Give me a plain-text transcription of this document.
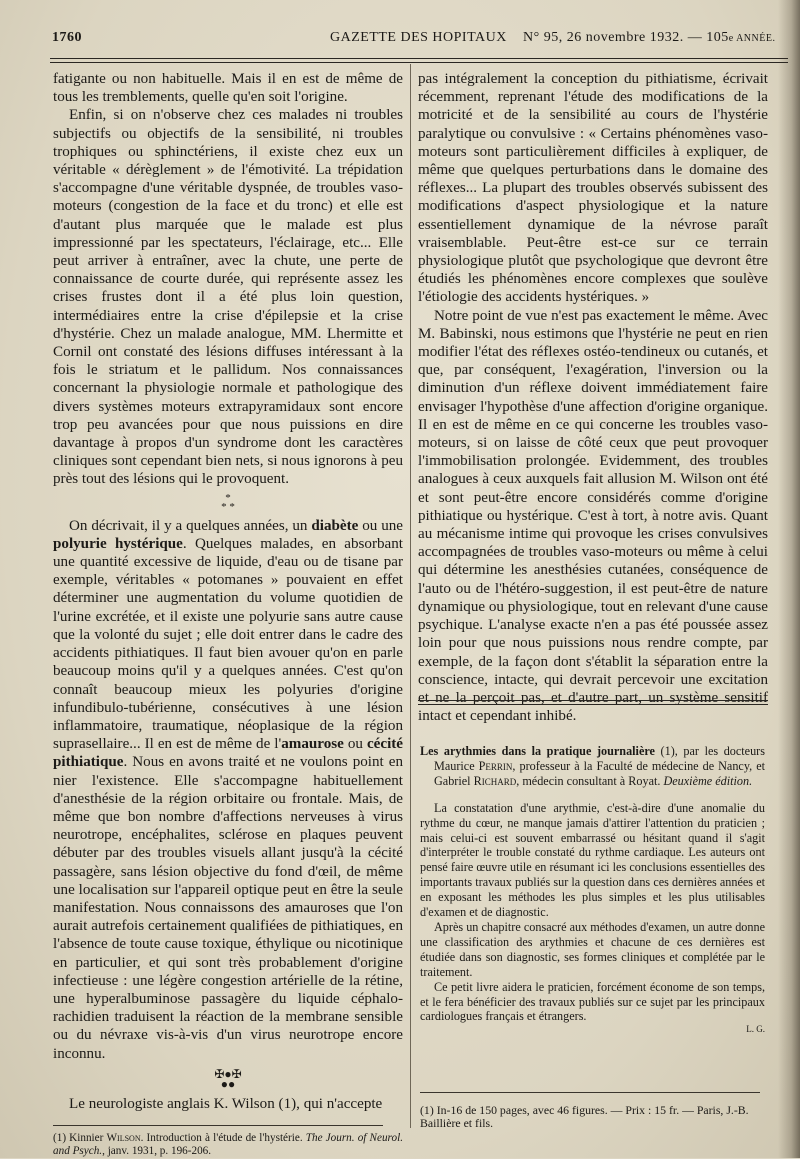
1760	GAZETTE DES HOPITAUX N° 95, 26 novembre 1932. — 105e ANNÉE.

fatigante ou non habituelle. Mais il en est de même de tous les tremblements, quelle qu'en soit l'origine.

Enfin, si on n'observe chez ces malades ni troubles subjectifs ou objectifs de la sensibilité, ni troubles trophiques ou sphinctériens, il existe chez eux un véritable « dérèglement » de l'émotivité. La trépidation s'accompagne d'une véritable dyspnée, de troubles vaso-moteurs (congestion de la face et du tronc) et elle est d'autant plus marquée que le malade est plus impressionné par les spectateurs, l'éclairage, etc... Elle peut arriver à entraîner, avec la chute, une perte de connaissance de courte durée, qui représente assez les crises frustes dont il a été plus loin question, intermédiaires entre la crise d'épilepsie et la crise d'hystérie. Chez un malade analogue, MM. Lhermitte et Cornil ont constaté des lésions diffuses intéressant à la fois le striatum et le pallidum. Nos connaissances concernant la physiologie normale et pathologique des divers systèmes moteurs extrapyramidaux sont encore trop peu avancées pour que nous puissions en dire davantage à propos d'un syndrome dont les caractères cliniques sont cependant bien nets, si nous ignorons à peu près tout des lésions qui le provoquent.

*
* *

On décrivait, il y a quelques années, un diabète ou une polyurie hystérique. Quelques malades, en absorbant une quantité excessive de liquide, d'eau ou de tisane par exemple, véritables « potomanes » pouvaient en effet déterminer une augmentation du volume quotidien de l'urine excrétée, et il existe une polyurie sans autre cause que la volonté du sujet ; elle doit entrer dans le cadre des accidents pithiatiques. Il faut bien avouer qu'on en parle beaucoup moins qu'il y a quelques années. C'est qu'on connaît beaucoup mieux les polyuries d'origine infundibulo-tubérienne, consécutives à une lésion inflammatoire, traumatique, néoplasique de la région suprasellaire... Il en est de même de l'amaurose ou cécité pithiatique. Nous en avons traité et ne voulons point en nier l'existence. Elle s'accompagne habituellement d'anesthésie de la région orbitaire ou frontale. Mais, de même que bon nombre d'affections nerveuses à virus neurotrope, encéphalites, sclérose en plaques peuvent débuter par des troubles visuels allant jusqu'à la cécité passagère, sans lésion objective du fond d'œil, de même une localisation sur l'appareil optique peut en être la seule manifestation. Nous connaissons des amauroses que l'on aurait autrefois certainement qualifiées de pithiatiques, en l'absence de toute cause toxique, éthylique ou nicotinique en particulier, et qui sont très probablement d'origine infectieuse : une légère congestion artérielle de la rétine, une hyperalbuminose passagère du liquide céphalo-rachidien traduisent la réaction de la membrane sensible ou du névraxe vis-à-vis d'un virus neurotrope encore inconnu.

✠●✠
●●

Le neurologiste anglais K. Wilson (1), qui n'accepte

(1) Kinnier Wilson. Introduction à l'étude de l'hystérie. The Journ. of Neurol. and Psych., janv. 1931, p. 196-206.

pas intégralement la conception du pithiatisme, écrivait récemment, reprenant l'étude des modifications de la motricité et de la sensibilité au cours de l'hystérie paralytique ou convulsive : « Certains phénomènes vaso-moteurs sont particulièrement difficiles à expliquer, de même que quelques perturbations dans le domaine des réflexes... La plupart des troubles observés subissent des modifications d'aspect physiologique et la nature essentiellement dynamique de la névrose paraît vraisemblable. Peut-être est-ce sur ce terrain physiologique plutôt que psychologique que devront être étudiés les phénomènes encore complexes que soulève l'étiologie des accidents hystériques. »

Notre point de vue n'est pas exactement le même. Avec M. Babinski, nous estimons que l'hystérie ne peut en rien modifier l'état des réflexes ostéo-tendineux ou cutanés, et que, par conséquent, l'exagération, l'inversion ou la diminution d'un réflexe doivent immédiatement faire envisager l'hypothèse d'une affection d'origine organique. Il en est de même en ce qui concerne les troubles vaso-moteurs, si on laisse de côté ceux que peut provoquer l'immobilisation prolongée. Evidemment, des troubles analogues à ceux auxquels fait allusion M. Wilson ont été et sont peut-être encore considérés comme d'origine pithiatique ou hystérique. C'est à tort, à notre avis. Quant au mécanisme intime qui provoque les crises convulsives accompagnées de troubles vaso-moteurs ou même à celui qui détermine les anesthésies cutanées, conséquence de l'auto ou de l'hétéro-suggestion, il est peut-être de nature dynamique ou physiologique, tout en relevant d'une cause psychique. L'analyse exacte n'en a pas été poussée assez loin pour que nous puissions nous rendre compte, par exemple, de la façon dont s'établit la séparation entre la conscience, intacte, qui devrait percevoir une excitation et ne la perçoit pas, et d'autre part, un système sensitif intact et cependant inhibé.

Les arythmies dans la pratique journalière (1), par les docteurs Maurice Perrin, professeur à la Faculté de médecine de Nancy, et Gabriel Richard, médecin consultant à Royat. Deuxième édition.

La constatation d'une arythmie, c'est-à-dire d'une anomalie du rythme du cœur, ne manque jamais d'attirer l'attention du praticien ; mais celui-ci est souvent embarrassé ou hésitant quand il s'agit d'interpréter le trouble constaté du rythme cardiaque. Les auteurs ont pensé faire œuvre utile en résumant ici les conclusions essentielles des importants travaux publiés sur la question dans ces dernières années et en exposant les méthodes les plus simples et les plus utilisables d'examen et de diagnostic.

Après un chapitre consacré aux méthodes d'examen, un autre donne une classification des arythmies et chacune de ces dernières est étudiée dans son diagnostic, ses formes cliniques et complétée par le traitement.

Ce petit livre aidera le praticien, forcément économe de son temps, et le fera bénéficier des travaux publiés sur ce sujet par les principaux cardiologues français et étrangers.

L. G.
(1) In-16 de 150 pages, avec 46 figures. — Prix : 15 fr. — Paris, J.-B. Baillière et fils.
